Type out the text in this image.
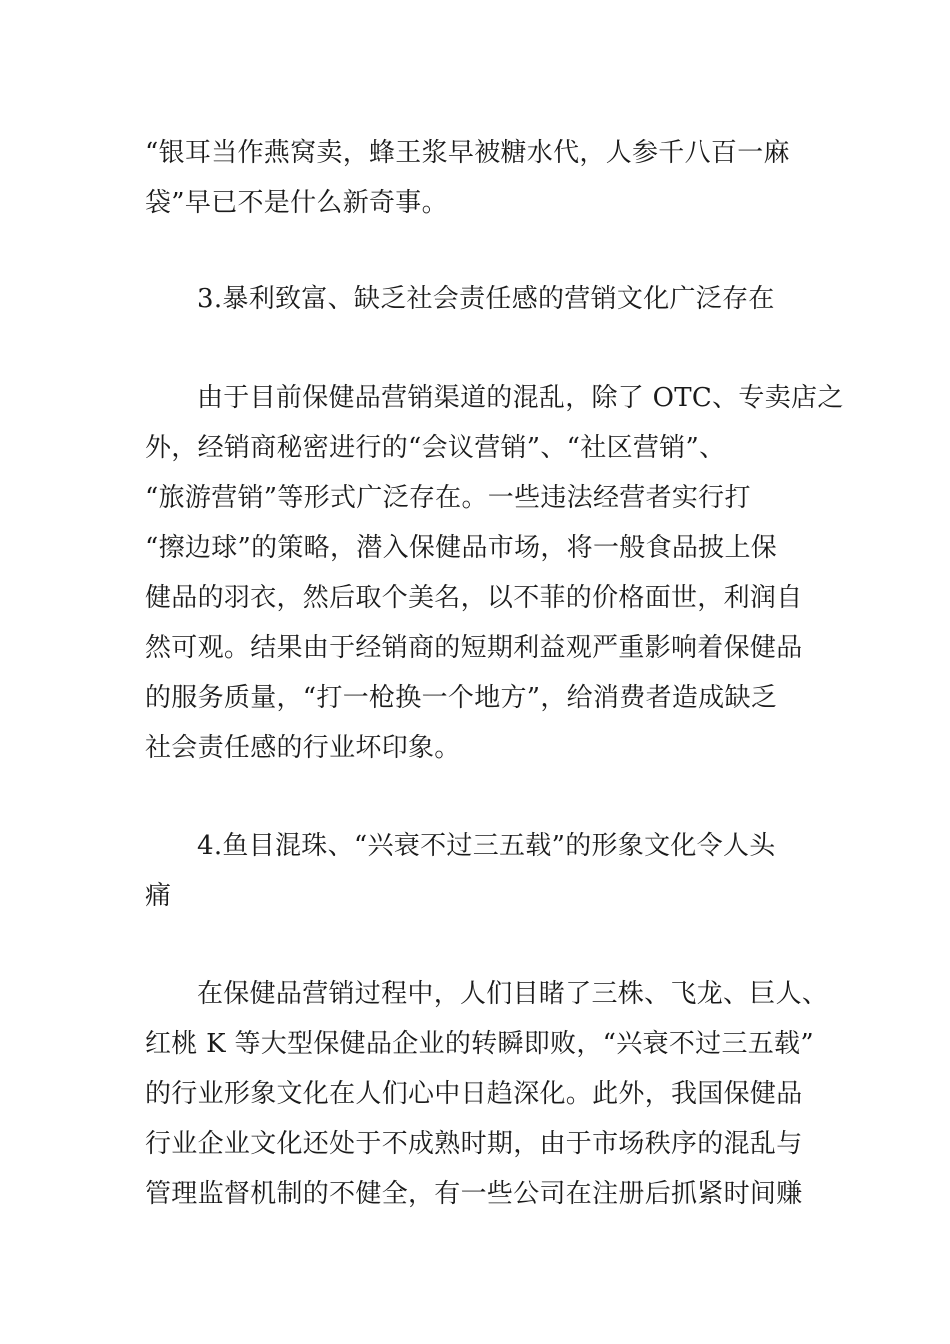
“银耳当作燕窝卖，蜂王浆早被糖水代，人参千八百一麻

袋”早已不是什么新奇事。

3.暴利致富、缺乏社会责任感的营销文化广泛存在

由于目前保健品营销渠道的混乱，除了 OTC、专卖店之

外，经销商秘密进行的“会议营销”、“社区营销”、

“旅游营销”等形式广泛存在。一些违法经营者实行打

“擦边球”的策略，潜入保健品市场，将一般食品披上保

健品的羽衣，然后取个美名，以不菲的价格面世，利润自

然可观。结果由于经销商的短期利益观严重影响着保健品

的服务质量，“打一枪换一个地方”，给消费者造成缺乏

社会责任感的行业坏印象。

4.鱼目混珠、“兴衰不过三五载”的形象文化令人头

痛

在保健品营销过程中，人们目睹了三株、飞龙、巨人、

红桃 K 等大型保健品企业的转瞬即败，“兴衰不过三五载”

的行业形象文化在人们心中日趋深化。此外，我国保健品

行业企业文化还处于不成熟时期，由于市场秩序的混乱与

管理监督机制的不健全，有一些公司在注册后抓紧时间赚
